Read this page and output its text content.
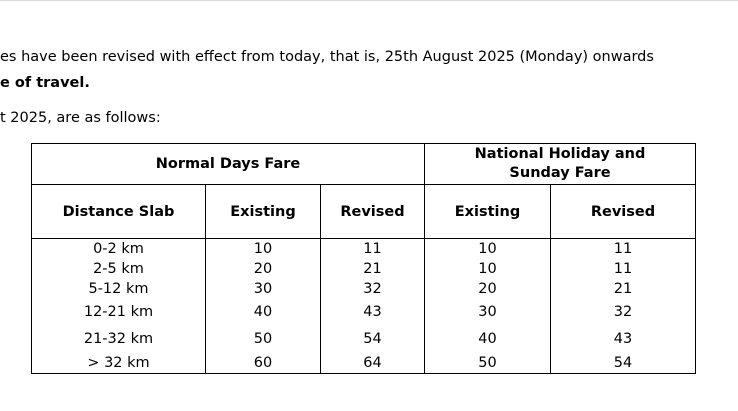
es have been revised with effect from today, that is, 25th August 2025 (Monday) onwards
e of travel.
t 2025, are as follows:
Normal Days Fare			National Holiday and
Sunday Fare	
Distance Slab	Existing	Revised	Existing	Revised
0-2 km	10	11	10	11
2-5 km	20	21	10	11
5-12 km	30	32	20	21
12-21 km	40	43	30	32
21-32 km	50	54	40	43
> 32 km	60	64	50	54
